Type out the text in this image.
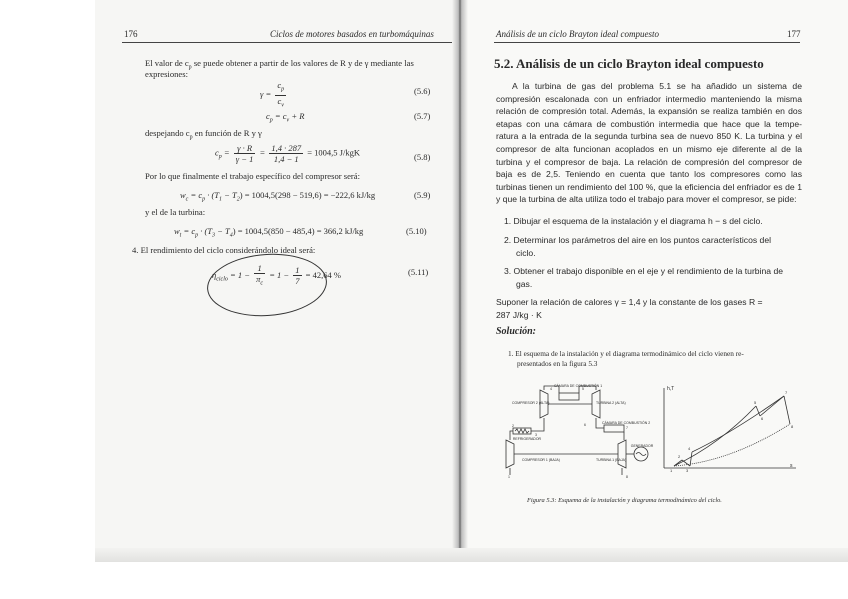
176	Ciclos de motores basados en turbomáquinas
El valor de $c_p$ se puede obtener a partir de los valores de R y de γ mediante las
expresiones:
$\gamma = \frac{c_p}{c_v}$	(5.6)
$c_p = c_v + R$	(5.7)
despejando $c_p$ en función de R y γ
$c_p = \frac{\gamma \cdot R}{\gamma - 1} = \frac{1,4 \cdot 287}{1,4 - 1} = 1004,5$ J/kgK	(5.8)
Por lo que finalmente el trabajo específico del compresor será:
$w_c = c_p \cdot (T_1 - T_2) = 1004,5(298 - 519,6) = -222,6$ kJ/kg	(5.9)
y el de la turbina:
$w_t = c_p \cdot (T_3 - T_4) = 1004,5(850 - 485,4) = 366,2$ kJ/kg	(5.10)
4. El rendimiento del ciclo considerándolo ideal será:
$\eta_{ciclo} = 1 - \frac{1}{\pi_c} = 1 - \frac{1}{7} = 42,64$ %	(5.11)
Análisis de un ciclo Brayton ideal compuesto	177
5.2. Análisis de un ciclo Brayton ideal compuesto
A la turbina de gas del problema 5.1 se ha añadido un sistema de compresión escalonada con un enfriador intermedio manteniendo la misma relación de compresión total. Además, la expansión se realiza también en dos etapas con una cámara de combustión intermedia que hace que la tempe- ratura a la entrada de la segunda turbina sea de nuevo 850 K. La turbina y el compresor de alta funcionan acoplados en un mismo eje diferente al de la turbina y el compresor de baja. La relación de compresión del compresor de baja es de 2,5. Teniendo en cuenta que tanto los compresores como las turbinas tienen un rendimiento del 100 %, que la eficiencia del enfriador es de 1 y que la turbina de alta utiliza todo el trabajo para mover el compresor, se pide:
1. Dibujar el esquema de la instalación y el diagrama h − s del ciclo.
2. Determinar los parámetros del aire en los puntos característicos del
ciclo.
3. Obtener el trabajo disponible en el eje y el rendimiento de la turbina de
gas.
Suponer la relación de calores γ = 1,4 y la constante de los gases R =
287 J/kg · K
Solución:
1. El esquema de la instalación y el diagrama termodinámico del ciclo vienen re-
presentados en la figura 5.3
1
2
3
4	5
6
7
8
CÁMARA DE COMBUSTIÓN 1
COMPRESOR 2 (ALTA)	TURBINA 2 (ALTA)
CÁMARA DE COMBUSTIÓN 2
REFRIGERADOR
COMPRESOR 1 (BAJA)	TURBINA 1 (BAJA)
GENERADOR
1
2
3
4
5
6
7
8
h,T
s
Figura 5.3: Esquema de la instalación y diagrama termodinámico del ciclo.
